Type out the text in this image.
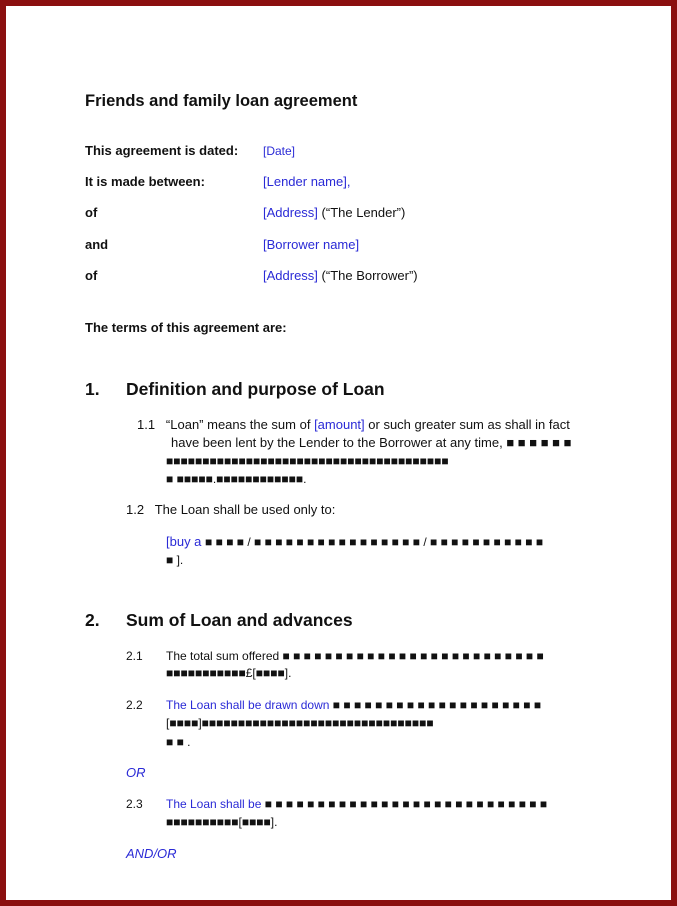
Friends and family loan agreement
This agreement is dated:	[Date]
It is made between:	[Lender name],
of	[Address] (“The Lender”)
and	[Borrower name]
of	[Address] (“The Borrower”)
The terms of this agreement are:
1. Definition and purpose of Loan
1.1 “Loan” means the sum of [amount] or such greater sum as shall in fact
have been lent by the Lender to the Borrower at any time, ■ ■ ■ ■ ■ ■
■■■■■■■■■■■■■■■■■■■■■■■■■■■■■■■■■■■■■■■
■ ■■■■■.■■■■■■■■■■■■.
1.2 The Loan shall be used only to:
[buy a ■ ■ ■ ■ / ■ ■ ■ ■ ■ ■ ■ ■ ■ ■ ■ ■ ■ ■ ■ ■ / ■ ■ ■ ■ ■ ■ ■ ■ ■ ■ ■
■ ].
2. Sum of Loan and advances
2.1 The total sum offered ■ ■ ■ ■ ■ ■ ■ ■ ■ ■ ■ ■ ■ ■ ■ ■ ■ ■ ■ ■ ■ ■ ■ ■ ■
■■■■■■■■■■■£[■■■■].
2.2 The Loan shall be drawn down ■ ■ ■ ■ ■ ■ ■ ■ ■ ■ ■ ■ ■ ■ ■ ■ ■ ■ ■ ■
[■■■■]■■■■■■■■■■■■■■■■■■■■■■■■■■■■■■■■
■ ■ .
OR
2.3 The Loan shall be ■ ■ ■ ■ ■ ■ ■ ■ ■ ■ ■ ■ ■ ■ ■ ■ ■ ■ ■ ■ ■ ■ ■ ■ ■ ■ ■
■■■■■■■■■■[■■■■].
AND/OR
